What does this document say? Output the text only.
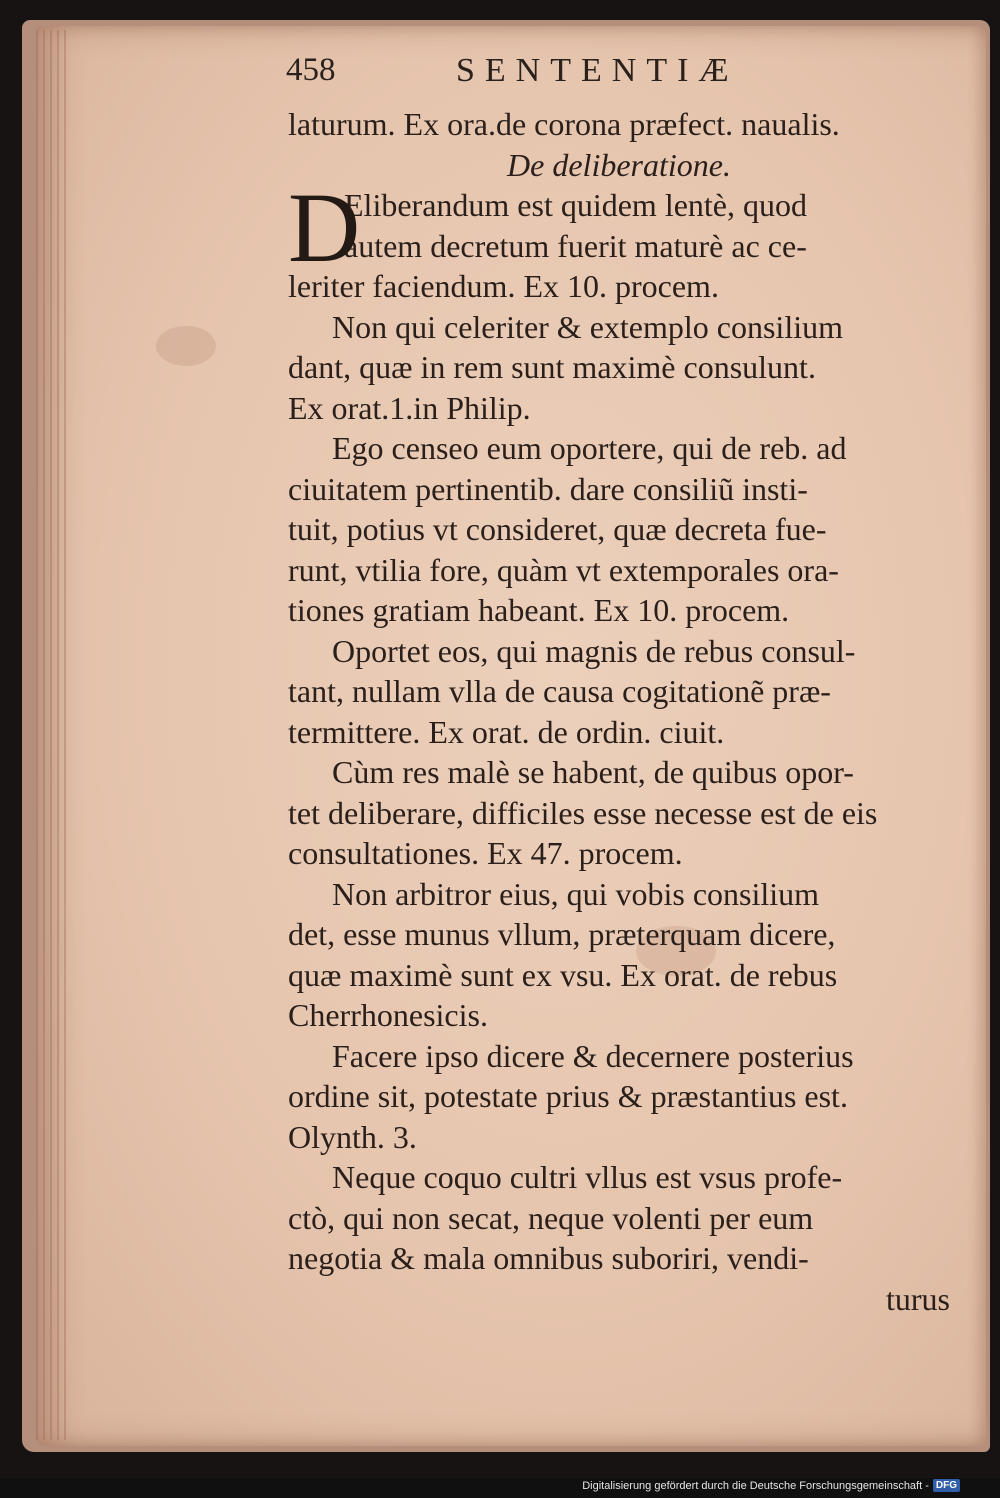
458	SENTENTIÆ
laturum. Ex ora.de corona præfect. naualis.
De deliberatione.
D
Eliberandum est quidem lentè, quod
autem decretum fuerit maturè ac ce-
leriter faciendum. Ex 10. procem.
Non qui celeriter & extemplo consilium
dant, quæ in rem sunt maximè consulunt.
Ex orat.1.in Philip.
Ego censeo eum oportere, qui de reb. ad
ciuitatem pertinentib. dare consiliũ insti-
tuit, potius vt consideret, quæ decreta fue-
runt, vtilia fore, quàm vt extemporales ora-
tiones gratiam habeant. Ex 10. procem.
Oportet eos, qui magnis de rebus consul-
tant, nullam vlla de causa cogitationẽ præ-
termittere. Ex orat. de ordin. ciuit.
Cùm res malè se habent, de quibus opor-
tet deliberare, difficiles esse necesse est de eis
consultationes. Ex 47. procem.
Non arbitror eius, qui vobis consilium
det, esse munus vllum, præterquam dicere,
quæ maximè sunt ex vsu. Ex orat. de rebus
Cherrhonesicis.
Facere ipso dicere & decernere posterius
ordine sit, potestate prius & præstantius est.
Olynth. 3.
Neque coquo cultri vllus est vsus profe-
ctò, qui non secat, neque volenti per eum
negotia & mala omnibus suboriri, vendi-
turus
Digitalisierung gefördert durch die Deutsche Forschungsgemeinschaft - DFG
